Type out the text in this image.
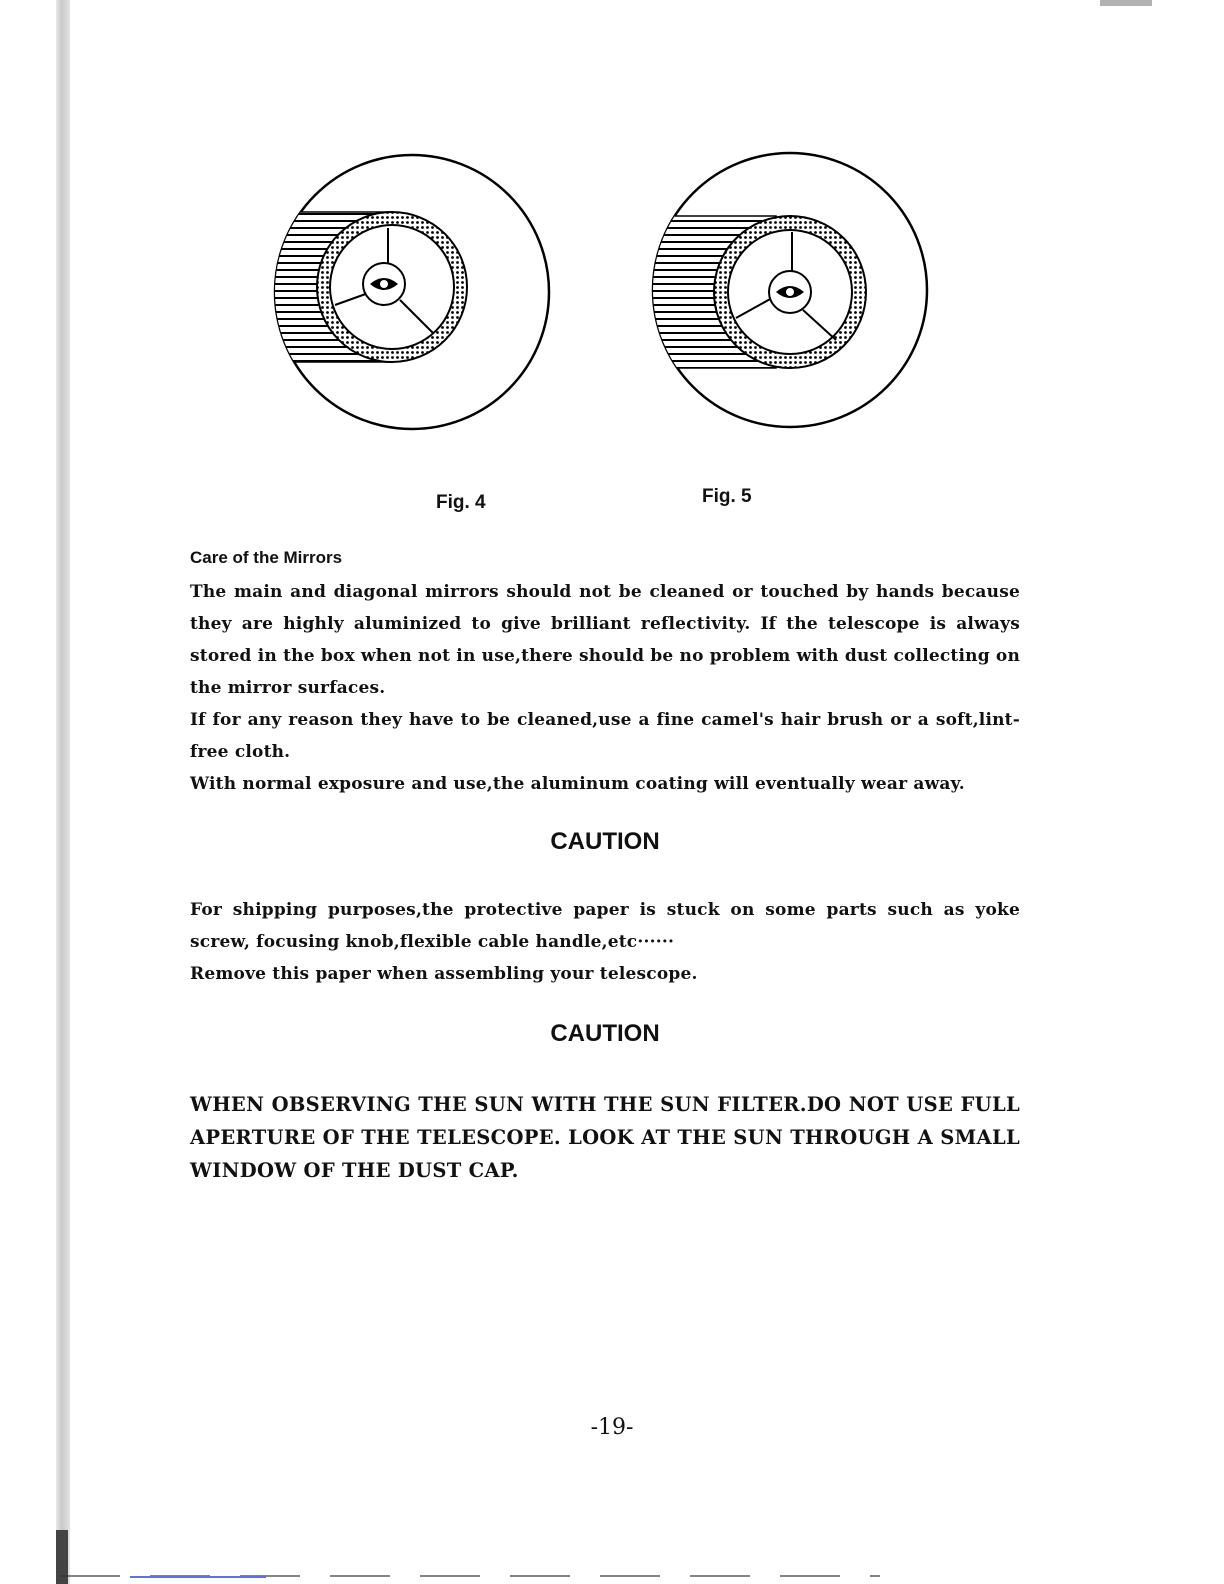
Fig. 4	Fig. 5

Care of the Mirrors

The main and diagonal mirrors should not be cleaned or touched by hands because they are highly aluminized to give brilliant reflectivity. If the telescope is always stored in the box when not in use,there should be no problem with dust collecting on the mirror surfaces.

If for any reason they have to be cleaned,use a fine camel's hair brush or a soft,lint-free cloth.

With normal exposure and use,the aluminum coating will eventually wear away.

CAUTION

For shipping purposes,the protective paper is stuck on some parts such as yoke screw, focusing knob,flexible cable handle,etc······

Remove this paper when assembling your telescope.

CAUTION

WHEN OBSERVING THE SUN WITH THE SUN FILTER.DO NOT USE FULL APERTURE OF THE TELESCOPE. LOOK AT THE SUN THROUGH A SMALL WINDOW OF THE DUST CAP.

-19-
